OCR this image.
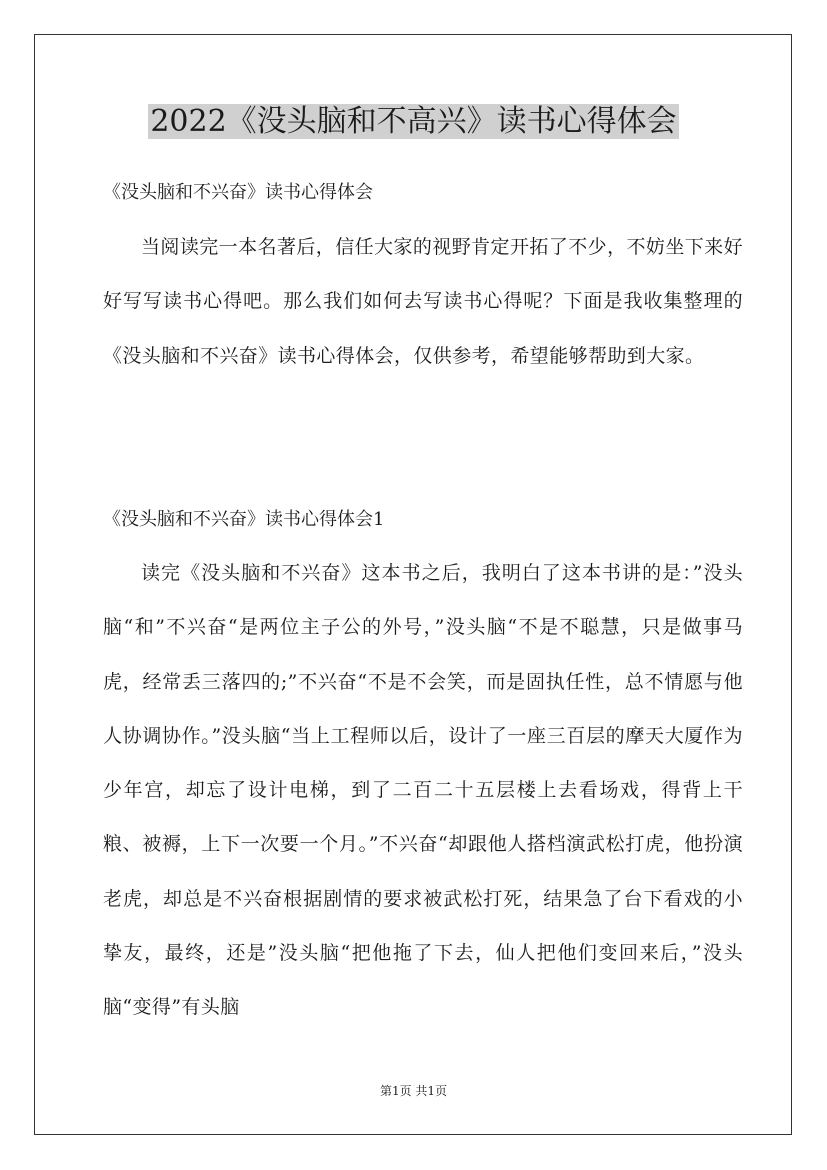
2022《没头脑和不高兴》读书心得体会

《没头脑和不兴奋》读书心得体会

当阅读完一本名著后，信任大家的视野肯定开拓了不少，不妨坐下来好好写写读书心得吧。那么我们如何去写读书心得呢？下面是我收集整理的《没头脑和不兴奋》读书心得体会，仅供参考，希望能够帮助到大家。

《没头脑和不兴奋》读书心得体会1

读完《没头脑和不兴奋》这本书之后，我明白了这本书讲的是：”没头脑“和”不兴奋“是两位主子公的外号，”没头脑“不是不聪慧，只是做事马虎，经常丢三落四的;”不兴奋“不是不会笑，而是固执任性，总不情愿与他人协调协作。”没头脑“当上工程师以后，设计了一座三百层的摩天大厦作为少年宫，却忘了设计电梯，到了二百二十五层楼上去看场戏，得背上干粮、被褥，上下一次要一个月。”不兴奋“却跟他人搭档演武松打虎，他扮演老虎，却总是不兴奋根据剧情的要求被武松打死，结果急了台下看戏的小挚友，最终，还是”没头脑“把他拖了下去，仙人把他们变回来后，”没头脑“变得”有头脑

第1页 共1页
